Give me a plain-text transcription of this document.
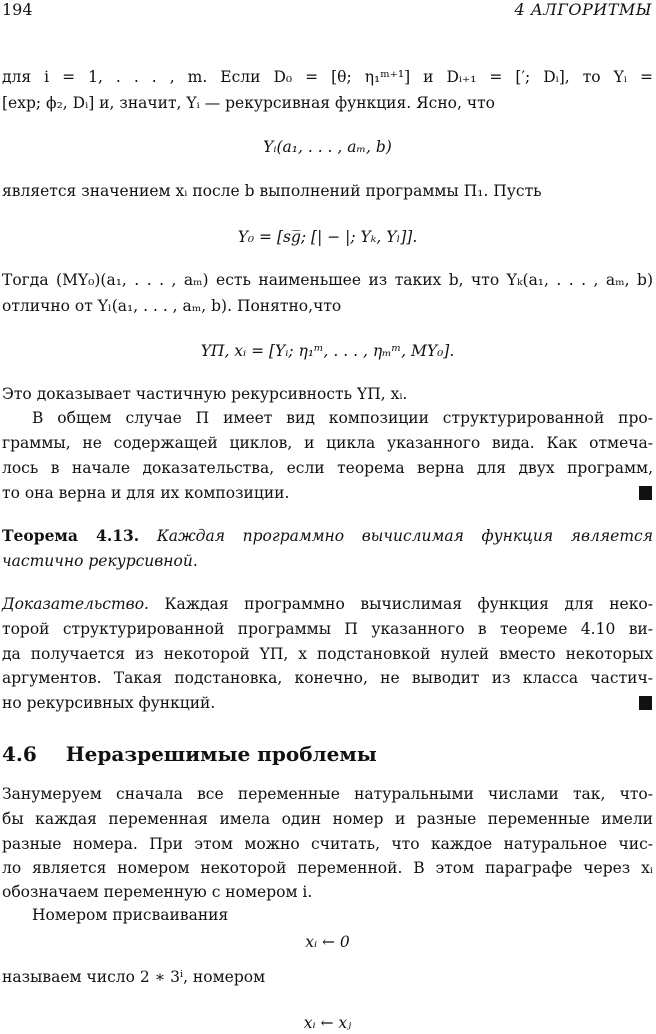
194	4 АЛГОРИТМЫ
для i = 1, . . . , m. Если D₀ = [θ; η₁ᵐ⁺¹] и Dᵢ₊₁ = [′; Dᵢ], то Yᵢ =
[exp; ϕ₂, Dᵢ] и, значит, Yᵢ — рекурсивная функция. Ясно, что
Yᵢ(a₁, . . . , aₘ, b)
является значением xᵢ после b выполнений программы Π₁. Пусть
Y₀ = [sg̅; [| − |; Yₖ, Yₗ]].
Тогда (MY₀)(a₁, . . . , aₘ) есть наименьшее из таких b, что Yₖ(a₁, . . . , aₘ, b)
отлично от Yₗ(a₁, . . . , aₘ, b). Понятно,что
YΠ, xᵢ = [Yᵢ; η₁ᵐ, . . . , ηₘᵐ, MY₀].
Это доказывает частичную рекурсивность YΠ, xᵢ.
В общем случае Π имеет вид композиции структурированной про-
граммы, не содержащей циклов, и цикла указанного вида. Как отмеча-
лось в начале доказательства, если теорема верна для двух программ,
то она верна и для их композиции.
Теорема 4.13. Каждая программно вычислимая функция является
частично рекурсивной.
Доказательство. Каждая программно вычислимая функция для неко-
торой структурированной программы Π указанного в теореме 4.10 ви-
да получается из некоторой YΠ, x подстановкой нулей вместо некоторых
аргументов. Такая подстановка, конечно, не выводит из класса частич-
но рекурсивных функций.
4.6 Неразрешимые проблемы
Занумеруем сначала все переменные натуральными числами так, что-
бы каждая переменная имела один номер и разные переменные имели
разные номера. При этом можно считать, что каждое натуральное чис-
ло является номером некоторой переменной. В этом параграфе через xᵢ
обозначаем переменную с номером i.
Номером присваивания
xᵢ ← 0
называем число 2 ∗ 3ⁱ, номером
xᵢ ← xⱼ
